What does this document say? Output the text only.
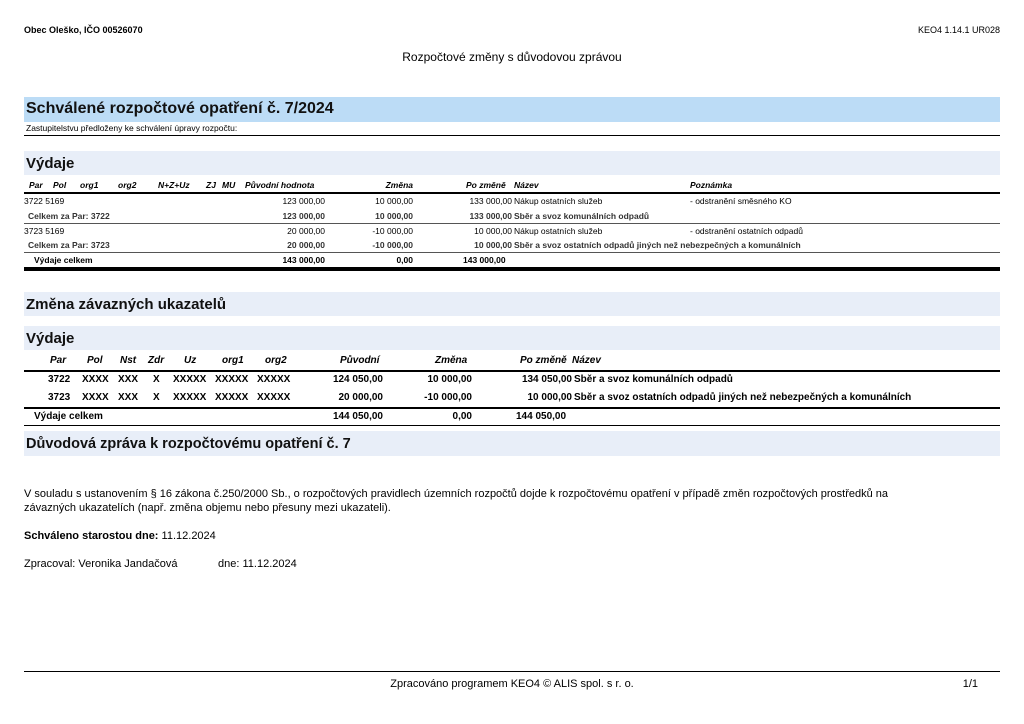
Obec Oleško, IČO 00526070	KEO4 1.14.1 UR028
Rozpočtové změny s důvodovou zprávou
Schválené rozpočtové opatření č. 7/2024
Zastupitelstvu předloženy ke schválení úpravy rozpočtu:
Výdaje
Par Pol org1 org2	N+Z+Uz ZJ MU Původní hodnota	Změna	Po změně Název	Poznámka
3722 5169	123 000,00	10 000,00	133 000,00 Nákup ostatních služeb	- odstranění směsného KO
Celkem za Par: 3722	123 000,00	10 000,00	133 000,00 Sběr a svoz komunálních odpadů
3723 5169	20 000,00	-10 000,00	10 000,00 Nákup ostatních služeb	- odstranění ostatních odpadů
Celkem za Par: 3723	20 000,00	-10 000,00	10 000,00 Sběr a svoz ostatních odpadů jiných než nebezpečných a komunálních
Výdaje celkem	143 000,00	0,00	143 000,00
Změna závazných ukazatelů
Výdaje
Par Pol Nst Zdr Uz	org1 org2	Původní	Změna	Po změně Název
3722 XXXX XXX X XXXXX XXXXX XXXXX	124 050,00	10 000,00	134 050,00 Sběr a svoz komunálních odpadů
3723 XXXX XXX X XXXXX XXXXX XXXXX	20 000,00	-10 000,00	10 000,00 Sběr a svoz ostatních odpadů jiných než nebezpečných a komunálních
Výdaje celkem	144 050,00	0,00	144 050,00
Důvodová zpráva k rozpočtovému opatření č. 7
V souladu s ustanovením § 16 zákona č.250/2000 Sb., o rozpočtových pravidlech územních rozpočtů dojde k rozpočtovému opatření v případě změn rozpočtových prostředků na
závazných ukazatelích (např. změna objemu nebo přesuny mezi ukazateli).
Schváleno starostou dne: 11.12.2024
Zpracoval: Veronika Jandačová	dne: 11.12.2024
Zpracováno programem KEO4 © ALIS spol. s r. o.	1/1
